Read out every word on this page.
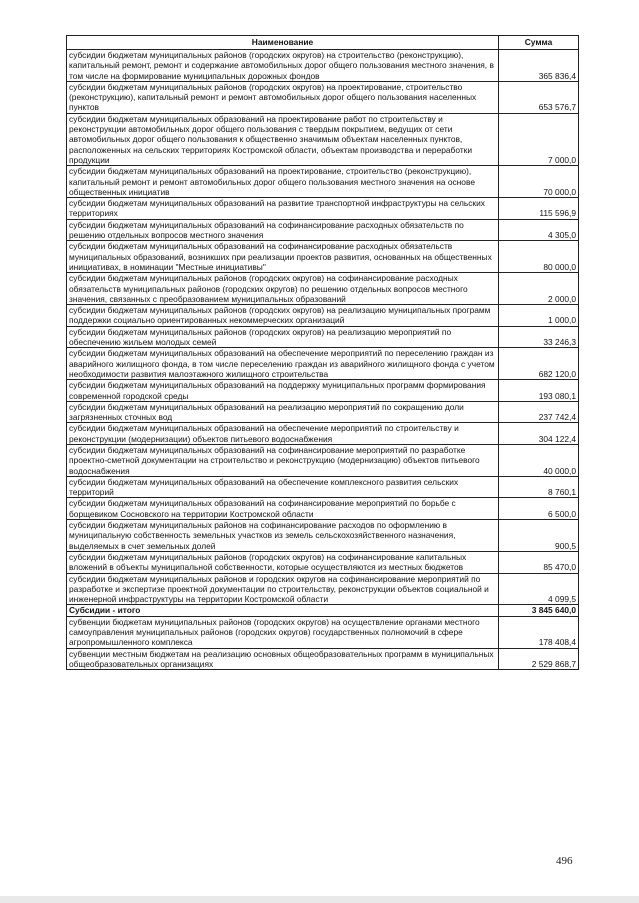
Наименование	Сумма
субсидии бюджетам муниципальных районов (городских округов) на строительство (реконструкцию), капитальный ремонт, ремонт и содержание автомобильных дорог общего пользования местного значения, в том числе на формирование муниципальных дорожных фондов	365 836,4
субсидии бюджетам муниципальных районов (городских округов) на проектирование, строительство (реконструкцию), капитальный ремонт и ремонт автомобильных дорог общего пользования населенных пунктов	653 576,7
субсидии бюджетам муниципальных образований на проектирование работ по строительству и реконструкции автомобильных дорог общего пользования с твердым покрытием, ведущих от сети автомобильных дорог общего пользования к общественно значимым объектам населенных пунктов, расположенных на сельских территориях Костромской области, объектам производства и переработки продукции	7 000,0
субсидии бюджетам муниципальных образований на проектирование, строительство (реконструкцию), капитальный ремонт и ремонт автомобильных дорог общего пользования местного значения на основе общественных инициатив	70 000,0
субсидии бюджетам муниципальных образований на развитие транспортной инфраструктуры на сельских территориях	115 596,9
субсидии бюджетам муниципальных образований на софинансирование расходных обязательств по решению отдельных вопросов местного значения	4 305,0
субсидии бюджетам муниципальных образований на софинансирование расходных обязательств муниципальных образований, возникших при реализации проектов развития, основанных на общественных инициативах, в номинации "Местные инициативы"	80 000,0
субсидии бюджетам муниципальных районов (городских округов) на софинансирование расходных обязательств муниципальных районов (городских округов) по решению отдельных вопросов местного значения, связанных с преобразованием муниципальных образований	2 000,0
субсидии бюджетам муниципальных районов (городских округов) на реализацию муниципальных программ поддержки социально ориентированных некоммерческих организаций	1 000,0
субсидии бюджетам муниципальных районов (городских округов) на реализацию мероприятий по обеспечению жильем молодых семей	33 246,3
субсидии бюджетам муниципальных образований на обеспечение мероприятий по переселению граждан из аварийного жилищного фонда, в том числе переселению граждан из аварийного жилищного фонда с учетом необходимости развития малоэтажного жилищного строительства	682 120,0
субсидии бюджетам муниципальных образований на поддержку муниципальных программ формирования современной городской среды	193 080,1
субсидии бюджетам муниципальных образований на реализацию мероприятий по сокращению доли загрязненных сточных вод	237 742,4
субсидии бюджетам муниципальных образований на обеспечение мероприятий по строительству и реконструкции (модернизации) объектов питьевого водоснабжения	304 122,4
субсидии бюджетам муниципальных образований на софинансирование мероприятий по разработке проектно-сметной документации на строительство и реконструкцию (модернизацию) объектов питьевого водоснабжения	40 000,0
субсидии бюджетам муниципальных образований на обеспечение комплексного развития сельских территорий	8 760,1
субсидии бюджетам муниципальных образований на софинансирование мероприятий по борьбе с борщевиком Сосновского на территории Костромской области	6 500,0
субсидии бюджетам муниципальных районов на софинансирование расходов по оформлению в муниципальную собственность земельных участков из земель сельскохозяйственного назначения, выделяемых в счет земельных долей	900,5
субсидии бюджетам муниципальных районов (городских округов) на софинансирование капитальных вложений в объекты муниципальной собственности, которые осуществляются из местных бюджетов	85 470,0
субсидии бюджетам муниципальных районов и городских округов на софинансирование мероприятий по разработке и экспертизе проектной документации по строительству, реконструкции объектов социальной и инженерной инфраструктуры на территории Костромской области	4 099,5
Субсидии - итого	3 845 640,0
субвенции бюджетам муниципальных районов (городских округов) на осуществление органами местного самоуправления муниципальных районов (городских округов) государственных полномочий в сфере агропромышленного комплекса	178 408,4
субвенции местным бюджетам на реализацию основных общеобразовательных программ в муниципальных общеобразовательных организациях	2 529 868,7
496
